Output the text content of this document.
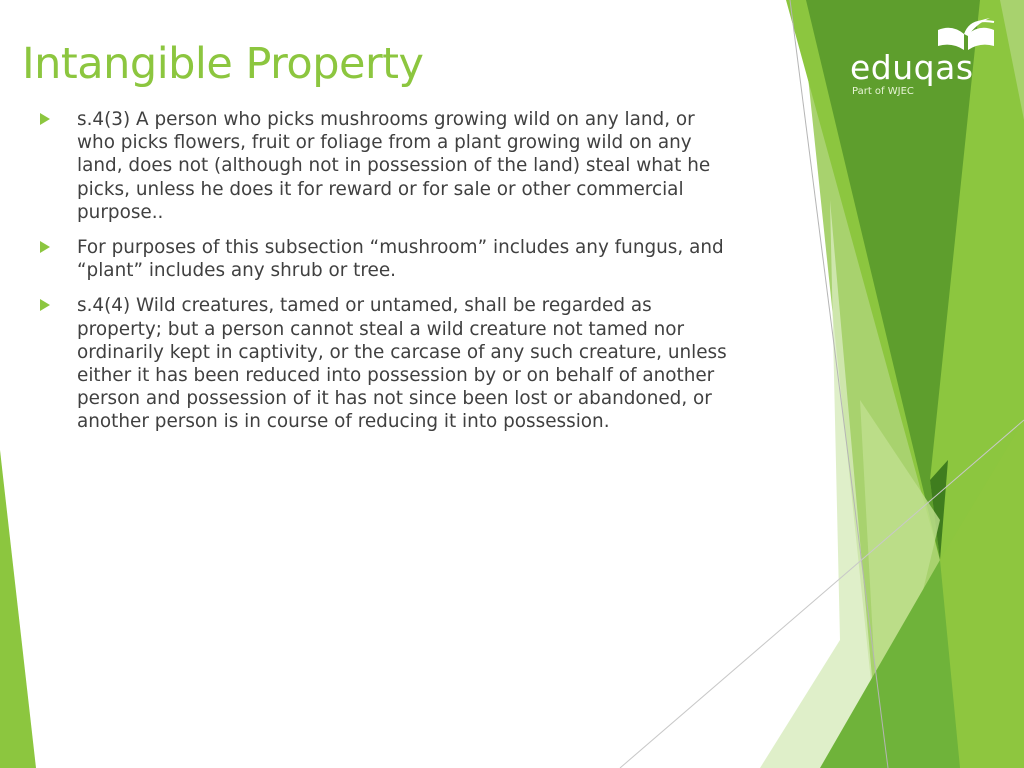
Intangible Property
s.4(3) A person who picks mushrooms growing wild on any land, or who picks flowers, fruit or foliage from a plant growing wild on any land, does not (although not in possession of the land) steal what he picks, unless he does it for reward or for sale or other commercial purpose..
For purposes of this subsection “mushroom” includes any fungus, and “plant” includes any shrub or tree.
s.4(4) Wild creatures, tamed or untamed, shall be regarded as property; but a person cannot steal a wild creature not tamed nor ordinarily kept in captivity, or the carcase of any such creature, unless either it has been reduced into possession by or on behalf of another person and possession of it has not since been lost or abandoned, or another person is in course of reducing it into possession.

eduqas

Part of WJEC
